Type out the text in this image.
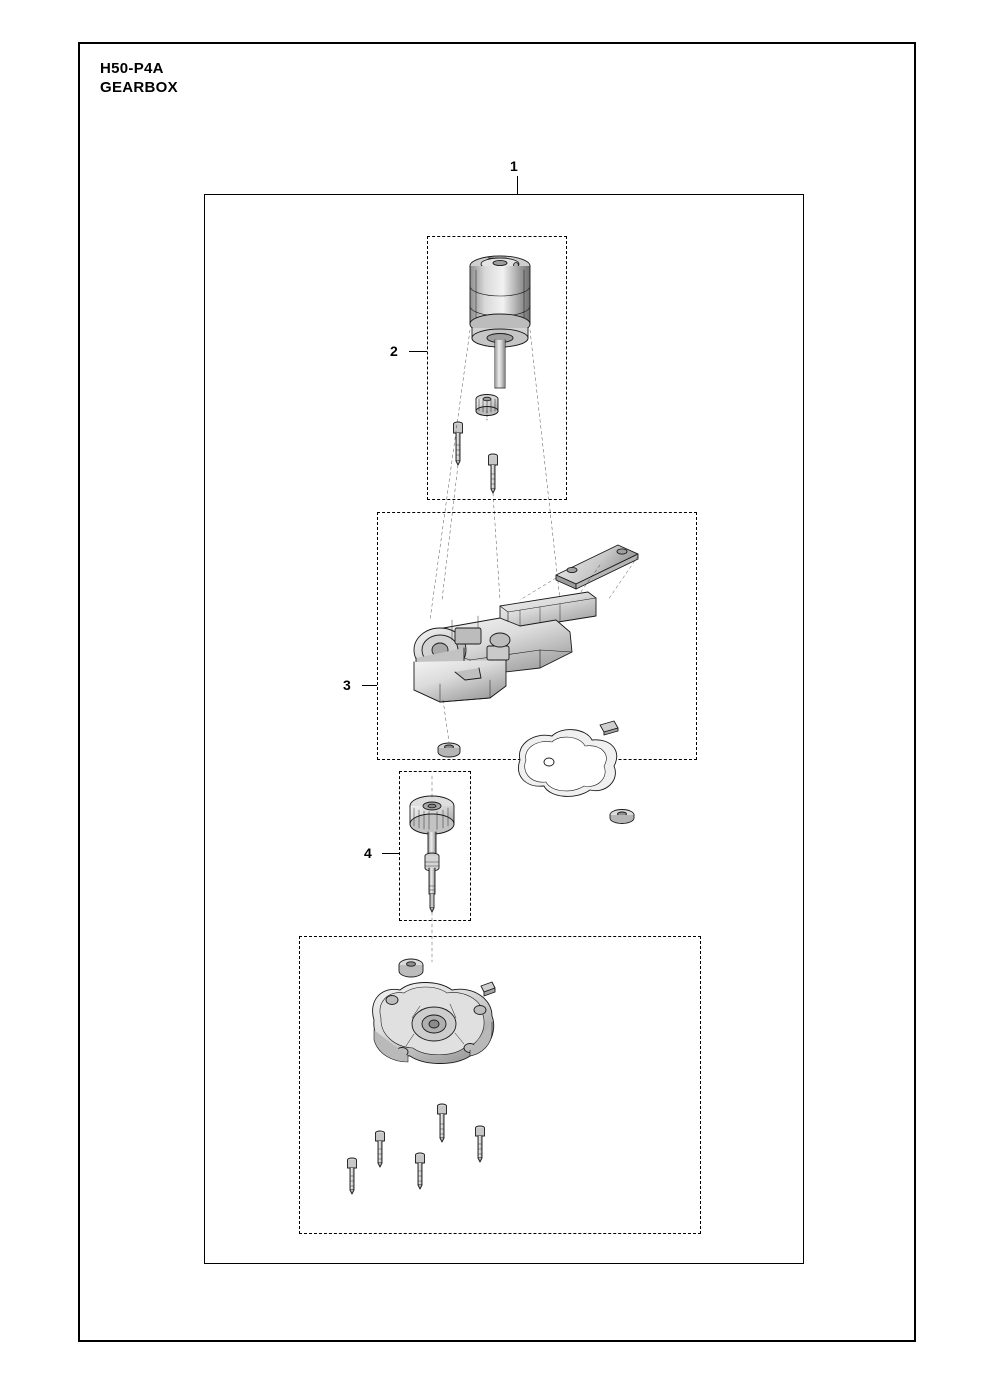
H50-P4A
GEARBOX
1
2
3
4
